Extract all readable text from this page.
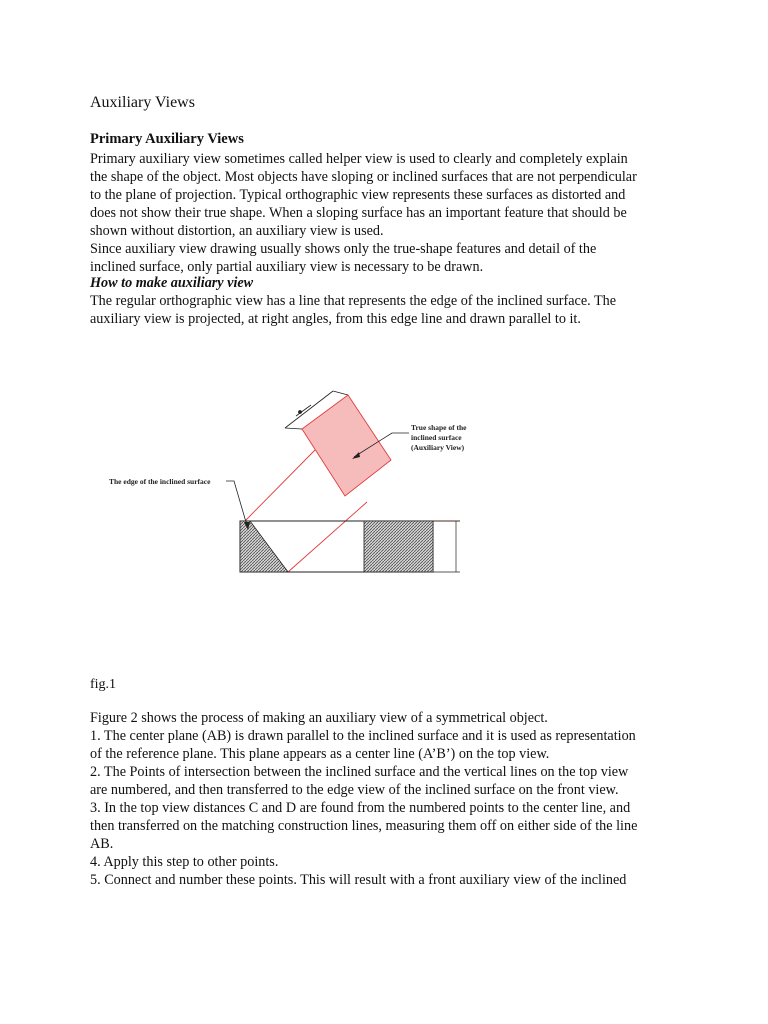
Auxiliary Views
Primary Auxiliary Views
Primary auxiliary view sometimes called helper view is used to clearly and completely explain
the shape of the object. Most objects have sloping or inclined surfaces that are not perpendicular
to the plane of projection. Typical orthographic view represents these surfaces as distorted and
does not show their true shape. When a sloping surface has an important feature that should be
shown without distortion, an auxiliary view is used.
Since auxiliary view drawing usually shows only the true-shape features and detail of the
inclined surface, only partial auxiliary view is necessary to be drawn.
How to make auxiliary view
The regular orthographic view has a line that represents the edge of the inclined surface. The
auxiliary view is projected, at right angles, from this edge line and drawn parallel to it.
True shape of the
inclined surface
(Auxiliary View)
The edge of the inclined surface

fig.1

Figure 2 shows the process of making an auxiliary view of a symmetrical object.
1. The center plane (AB) is drawn parallel to the inclined surface and it is used as representation
of the reference plane. This plane appears as a center line (A’B’) on the top view.
2. The Points of intersection between the inclined surface and the vertical lines on the top view
are numbered, and then transferred to the edge view of the inclined surface on the front view.
3. In the top view distances C and D are found from the numbered points to the center line, and
then transferred on the matching construction lines, measuring them off on either side of the line
AB.
4. Apply this step to other points.
5. Connect and number these points. This will result with a front auxiliary view of the inclined
